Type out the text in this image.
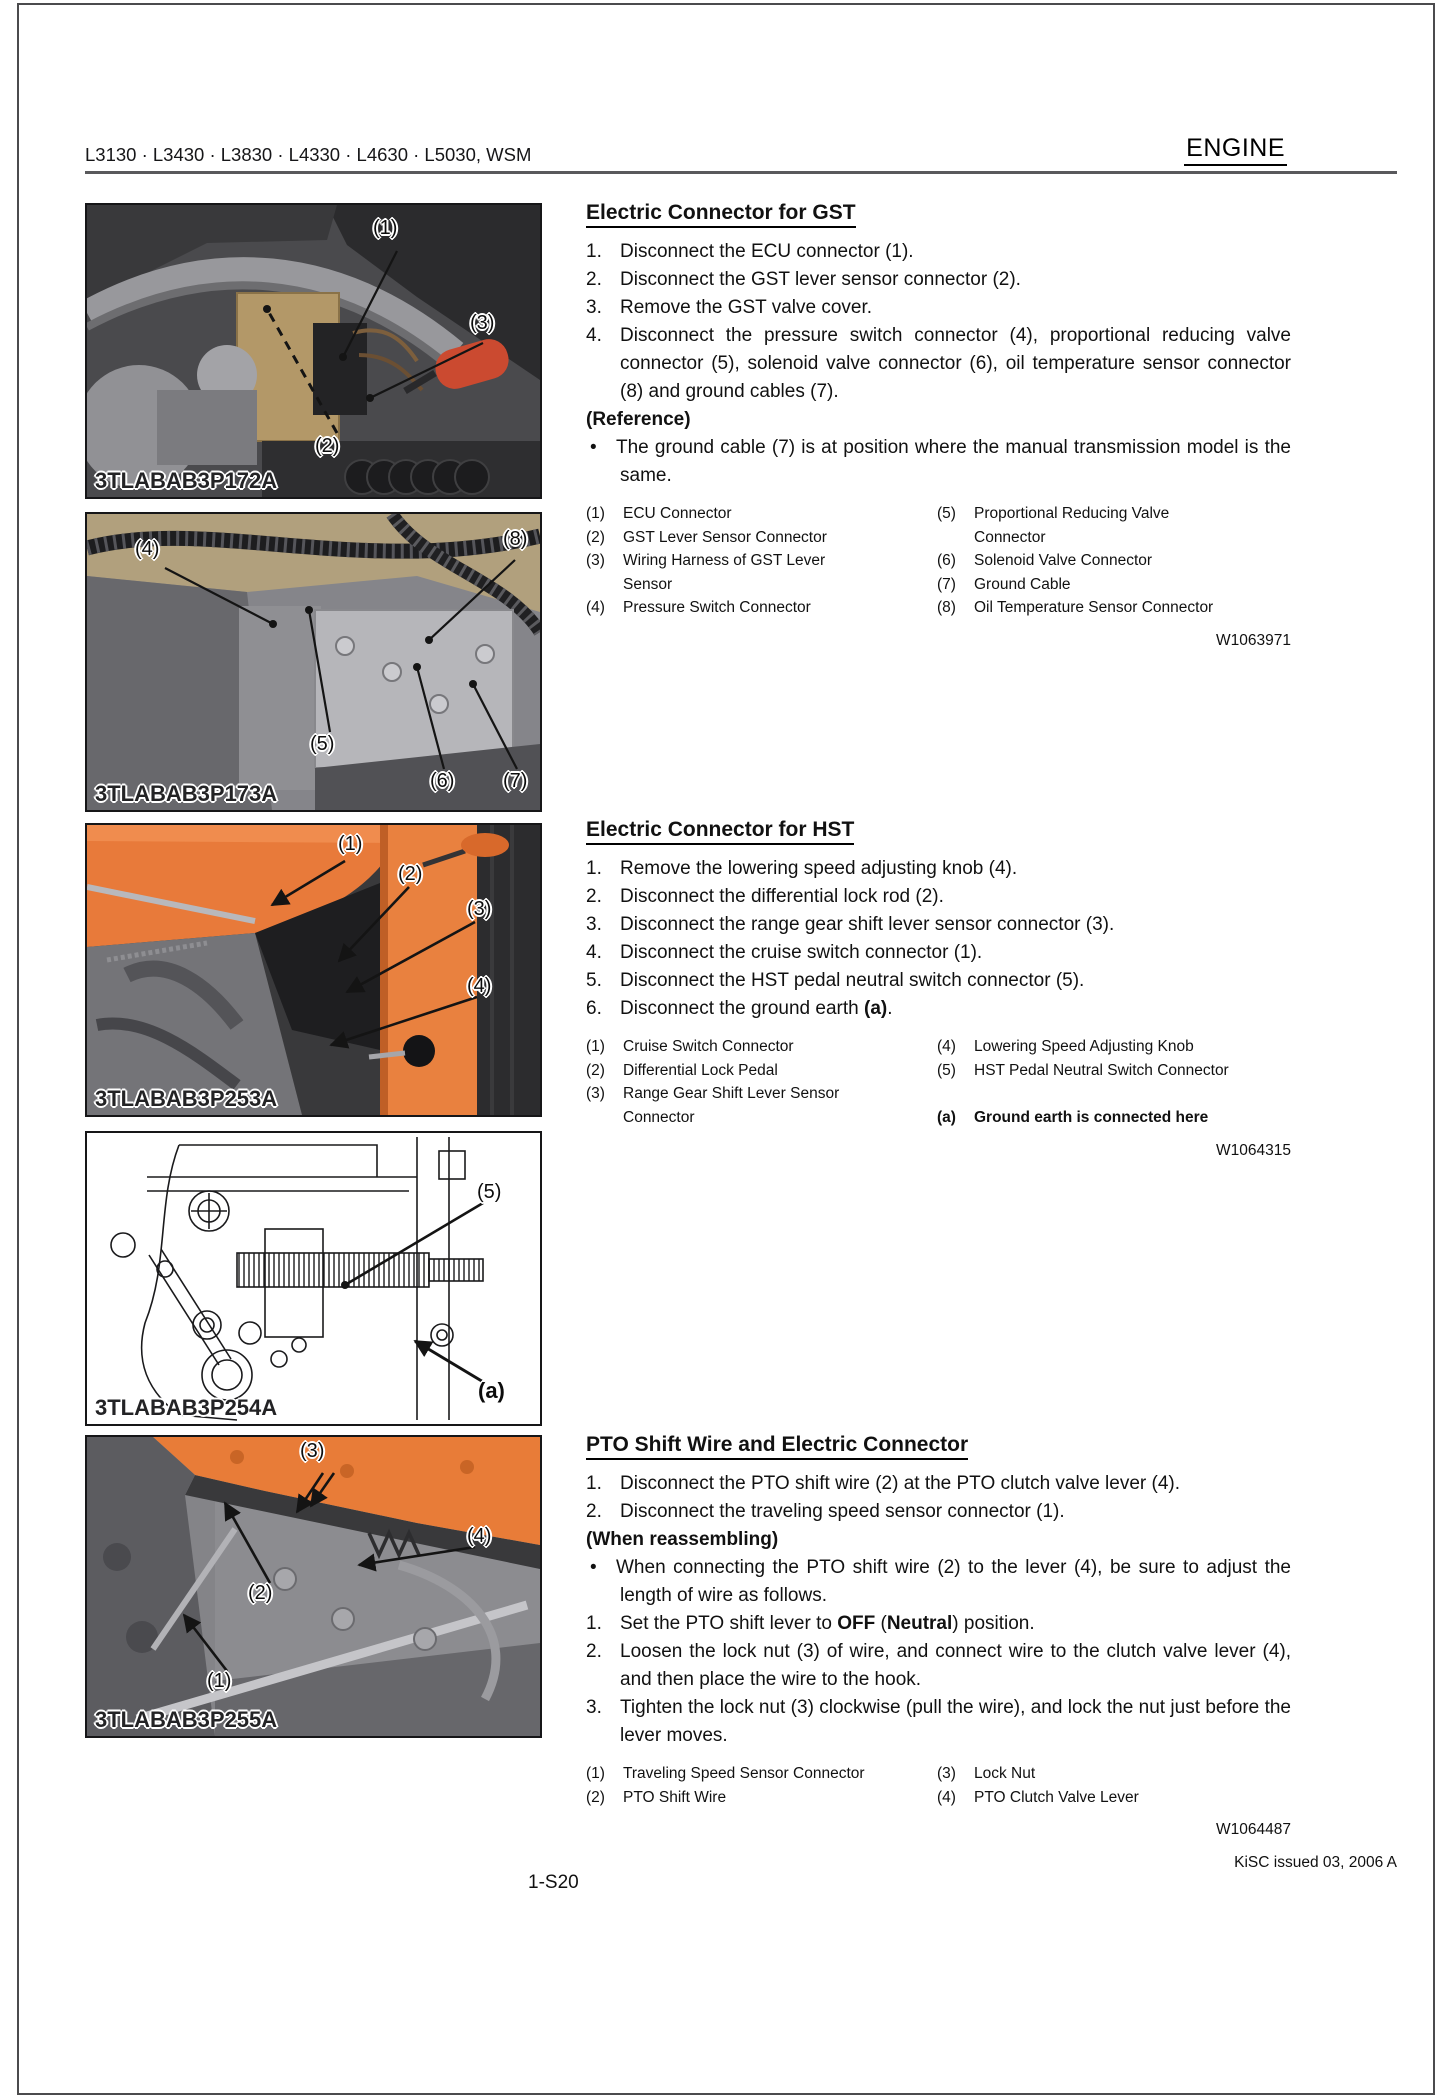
L3130 · L3430 · L3830 · L4330 · L4630 · L5030, WSM	ENGINE
(1)
(3)
(2)
3TLABAB3P172A
(4)	(8)
(5)
(6) (7)
3TLABAB3P173A
(1)
(2)
(3)
(4)
3TLABAB3P253A
(5)
(a)
3TLABAB3P254A
(3)
(4)
(2)
(1)
3TLABAB3P255A
Electric Connector for GST
1. Disconnect the ECU connector (1).
2. Disconnect the GST lever sensor connector (2).
3. Remove the GST valve cover.
4. Disconnect the pressure switch connector (4), proportional reducing valve connector (5), solenoid valve connector (6), oil temperature sensor connector (8) and ground cables (7).
(Reference)
• The ground cable (7) is at position where the manual transmission model is the same.
(1) ECU Connector
(2) GST Lever Sensor Connector
(3) Wiring Harness of GST Lever
Sensor
(4) Pressure Switch Connector
(5) Proportional Reducing Valve
Connector
(6) Solenoid Valve Connector
(7) Ground Cable
(8) Oil Temperature Sensor Connector
W1063971
Electric Connector for HST
1. Remove the lowering speed adjusting knob (4).
2. Disconnect the differential lock rod (2).
3. Disconnect the range gear shift lever sensor connector (3).
4. Disconnect the cruise switch connector (1).
5. Disconnect the HST pedal neutral switch connector (5).
6. Disconnect the ground earth (a).
(1) Cruise Switch Connector
(2) Differential Lock Pedal
(3) Range Gear Shift Lever Sensor
Connector
(4) Lowering Speed Adjusting Knob
(5) HST Pedal Neutral Switch Connector
(a) Ground earth is connected here
W1064315
PTO Shift Wire and Electric Connector
1. Disconnect the PTO shift wire (2) at the PTO clutch valve lever (4).
2. Disconnect the traveling speed sensor connector (1).
(When reassembling)
• When connecting the PTO shift wire (2) to the lever (4), be sure to adjust the length of wire as follows.
1. Set the PTO shift lever to OFF (Neutral) position.
2. Loosen the lock nut (3) of wire, and connect wire to the clutch valve lever (4), and then place the wire to the hook.
3. Tighten the lock nut (3) clockwise (pull the wire), and lock the nut just before the lever moves.
(1) Traveling Speed Sensor Connector
(2) PTO Shift Wire
(3) Lock Nut
(4) PTO Clutch Valve Lever
W1064487
1-S20
KiSC issued 03, 2006 A
